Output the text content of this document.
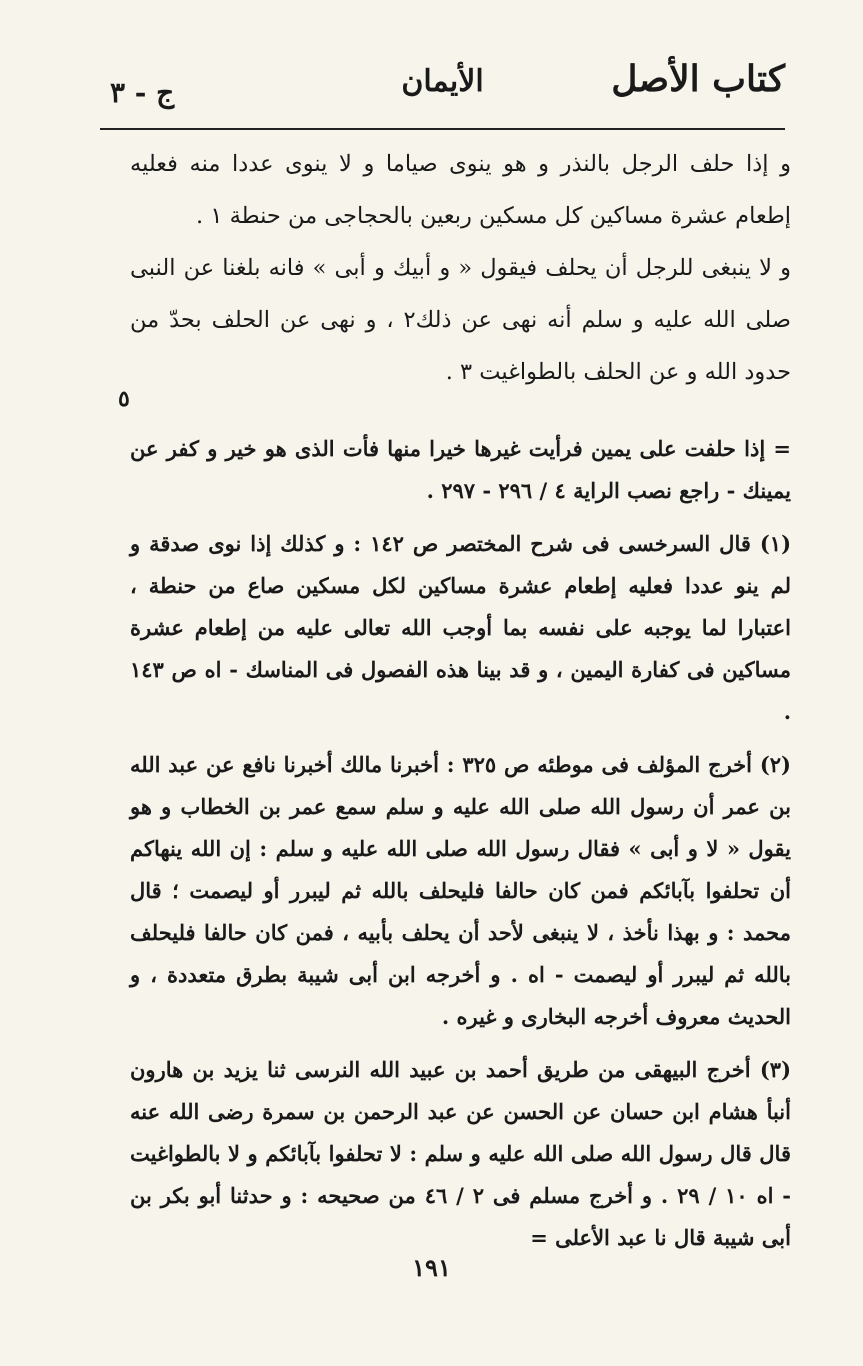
كتاب الأصل
الأيمان
ج - ٣

و إذا حلف الرجل بالنذر و هو ينوى صياما و لا ينوى عددا منه فعليه إطعام عشرة مساكين كل مسكين ربعين بالحجاجى من حنطة ١ .

و لا ينبغى للرجل أن يحلف فيقول « و أبيك و أبى » فانه بلغنا عن النبى صلى الله عليه و سلم أنه نهى عن ذلك٢ ، و نهى عن الحلف بحدّ من حدود الله و عن الحلف بالطواغيت ٣ .

٥

= إذا حلفت على يمين فرأيت غيرها خيرا منها فأت الذى هو خير و كفر عن يمينك - راجع نصب الراية ٤ / ٢٩٦ - ٢٩٧ .

(١) قال السرخسى فى شرح المختصر ص ١٤٢ : و كذلك إذا نوى صدقة و لم ينو عددا فعليه إطعام عشرة مساكين لكل مسكين صاع من حنطة ، اعتبارا لما يوجبه على نفسه بما أوجب الله تعالى عليه من إطعام عشرة مساكين فى كفارة اليمين ، و قد بينا هذه الفصول فى المناسك - اه ص ١٤٣ .

(٢) أخرج المؤلف فى موطئه ص ٣٢٥ : أخبرنا مالك أخبرنا نافع عن عبد الله بن عمر أن رسول الله صلى الله عليه و سلم سمع عمر بن الخطاب و هو يقول « لا و أبى » فقال رسول الله صلى الله عليه و سلم : إن الله ينهاكم أن تحلفوا بآبائكم فمن كان حالفا فليحلف بالله ثم ليبرر أو ليصمت ؛ قال محمد : و بهذا نأخذ ، لا ينبغى لأحد أن يحلف بأبيه ، فمن كان حالفا فليحلف بالله ثم ليبرر أو ليصمت - اه . و أخرجه ابن أبى شيبة بطرق متعددة ، و الحديث معروف أخرجه البخارى و غيره .

(٣) أخرج البيهقى من طريق أحمد بن عبيد الله النرسى ثنا يزيد بن هارون أنبأ هشام ابن حسان عن الحسن عن عبد الرحمن بن سمرة رضى الله عنه قال قال رسول الله صلى الله عليه و سلم : لا تحلفوا بآبائكم و لا بالطواغيت - اه ١٠ / ٢٩ . و أخرج مسلم فى ٢ / ٤٦ من صحيحه : و حدثنا أبو بكر بن أبى شيبة قال نا عبد الأعلى =

١٩١
